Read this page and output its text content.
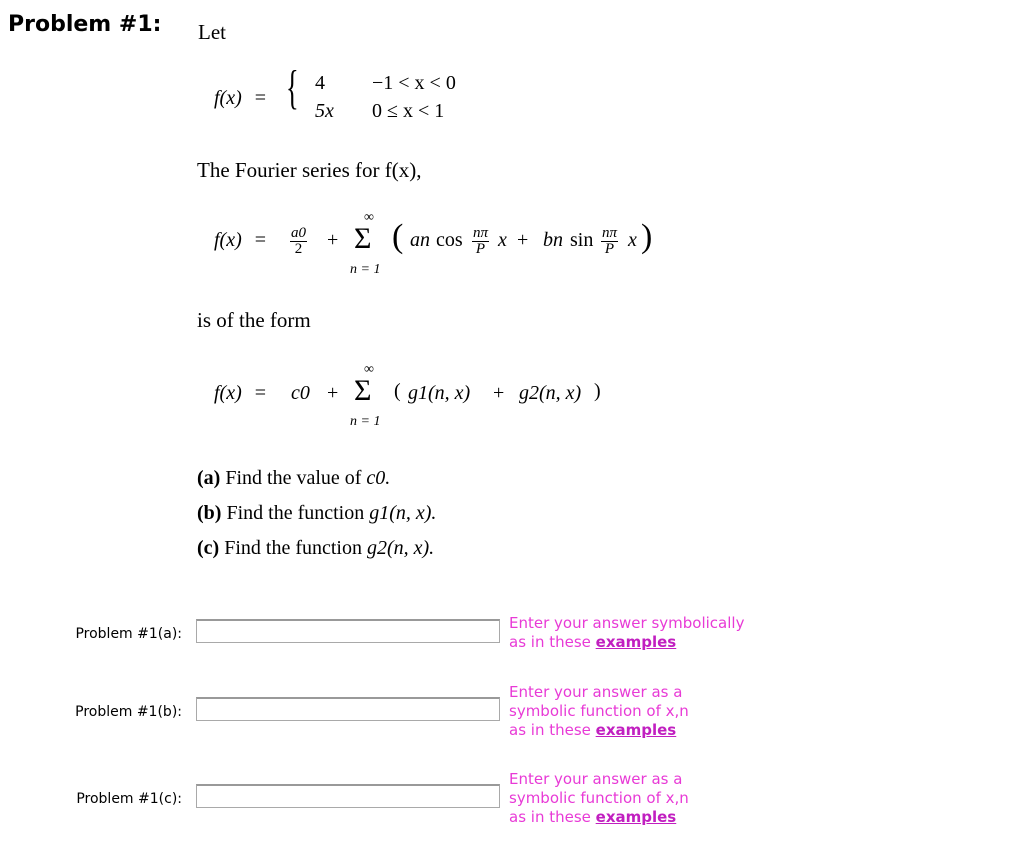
Problem #1: Let
f(x) = { 4 −1 < x < 0
5x 0 ≤ x < 1
The Fourier series for f(x),
$f(x) = \frac{a0}{2}$ +
∞
Σ
n = 1
( an $\cos \frac{n\pi}{P}$ x + bn $\sin \frac{n\pi}{P}$ x )
is of the form
f(x) = c0 +
∞
Σ
n = 1
( g1(n, x) + g2(n, x) )
(a) Find the value of c0.
(b) Find the function g1(n, x).
(c) Find the function g2(n, x).
Problem #1(a):
Enter your answer symbolically
as in these examples
Problem #1(b):
Enter your answer as a
symbolic function of x,n
as in these examples
Problem #1(c):
Enter your answer as a
symbolic function of x,n
as in these examples
